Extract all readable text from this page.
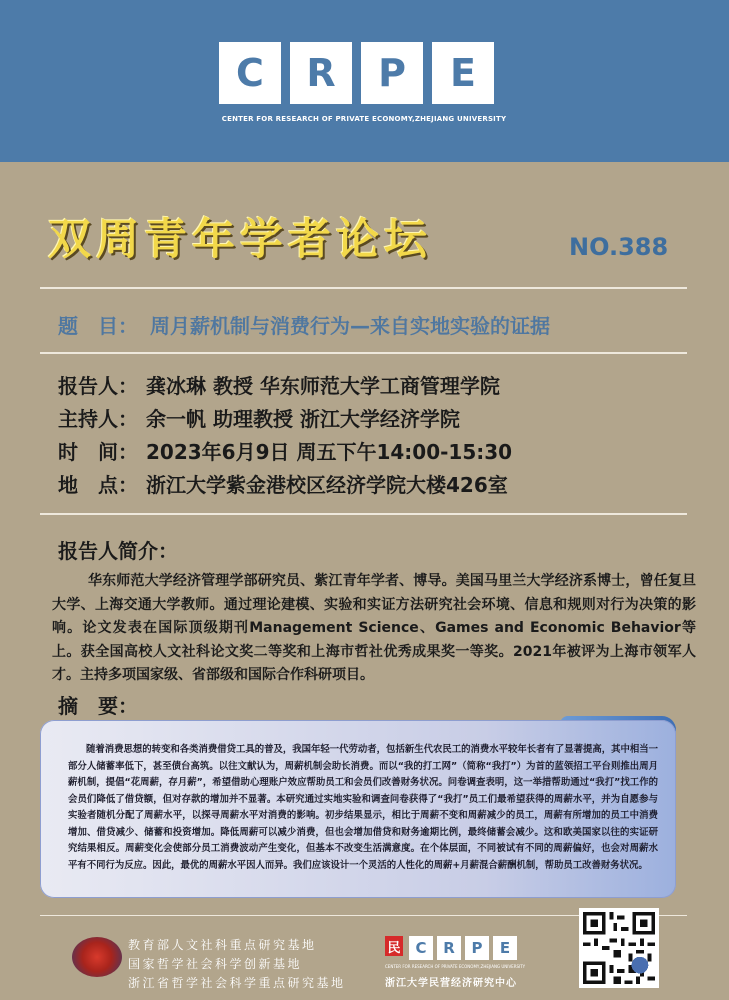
C	R	P	E
CENTER FOR RESEARCH OF PRIVATE ECONOMY,ZHEJIANG UNIVERSITY
双周青年学者论坛	NO.388
题　目： 周月薪机制与消费行为—来自实地实验的证据
报告人： 龚冰琳 教授 华东师范大学工商管理学院
主持人： 余一帆 助理教授 浙江大学经济学院
时　间： 2023年6月9日 周五下午14:00-15:30
地　点： 浙江大学紫金港校区经济学院大楼426室
报告人简介：
华东师范大学经济管理学部研究员、紫江青年学者、博导。美国马里兰大学经济系博士，曾任复旦大学、上海交通大学教师。通过理论建模、实验和实证方法研究社会环境、信息和规则对行为决策的影响。论文发表在国际顶级期刊Management Science、Games and Economic Behavior等上。获全国高校人文社科论文奖二等奖和上海市哲社优秀成果奖一等奖。2021年被评为上海市领军人才。主持多项国家级、省部级和国际合作科研项目。
摘　要：
随着消费思想的转变和各类消费借贷工具的普及，我国年轻一代劳动者，包括新生代农民工的消费水平较年长者有了显著提高，其中相当一部分人储蓄率低下，甚至债台高筑。以往文献认为，周薪机制会助长消费。而以“我的打工网”（简称“我打”）为首的蓝领招工平台则推出周月薪机制，提倡“花周薪，存月薪”，希望借助心理账户效应帮助员工和会员们改善财务状况。问卷调查表明，这一举措帮助通过“我打”找工作的会员们降低了借贷额，但对存款的增加并不显著。本研究通过实地实验和调查问卷获得了“我打”员工们最希望获得的周薪水平，并为自愿参与实验者随机分配了周薪水平，以探寻周薪水平对消费的影响。初步结果显示，相比于周薪不变和周薪减少的员工，周薪有所增加的员工中消费增加、借贷减少、储蓄和投资增加。降低周薪可以减少消费，但也会增加借贷和财务逾期比例，最终储蓄会减少。这和欧美国家以往的实证研究结果相反。周薪变化会使部分员工消费波动产生变化，但基本不改变生活满意度。在个体层面，不同被试有不同的周薪偏好，也会对周薪水平有不同行为反应。因此，最优的周薪水平因人而异。我们应该设计一个灵活的人性化的周薪+月薪混合薪酬机制，帮助员工改善财务状况。
教育部人文社科重点研究基地
国家哲学社会科学创新基地
浙江省哲学社会科学重点研究基地
民 C	R	P	E
CENTER FOR RESEARCH OF PRIVATE ECONOMY,ZHEJIANG UNIVERSITY
浙江大学民营经济研究中心
